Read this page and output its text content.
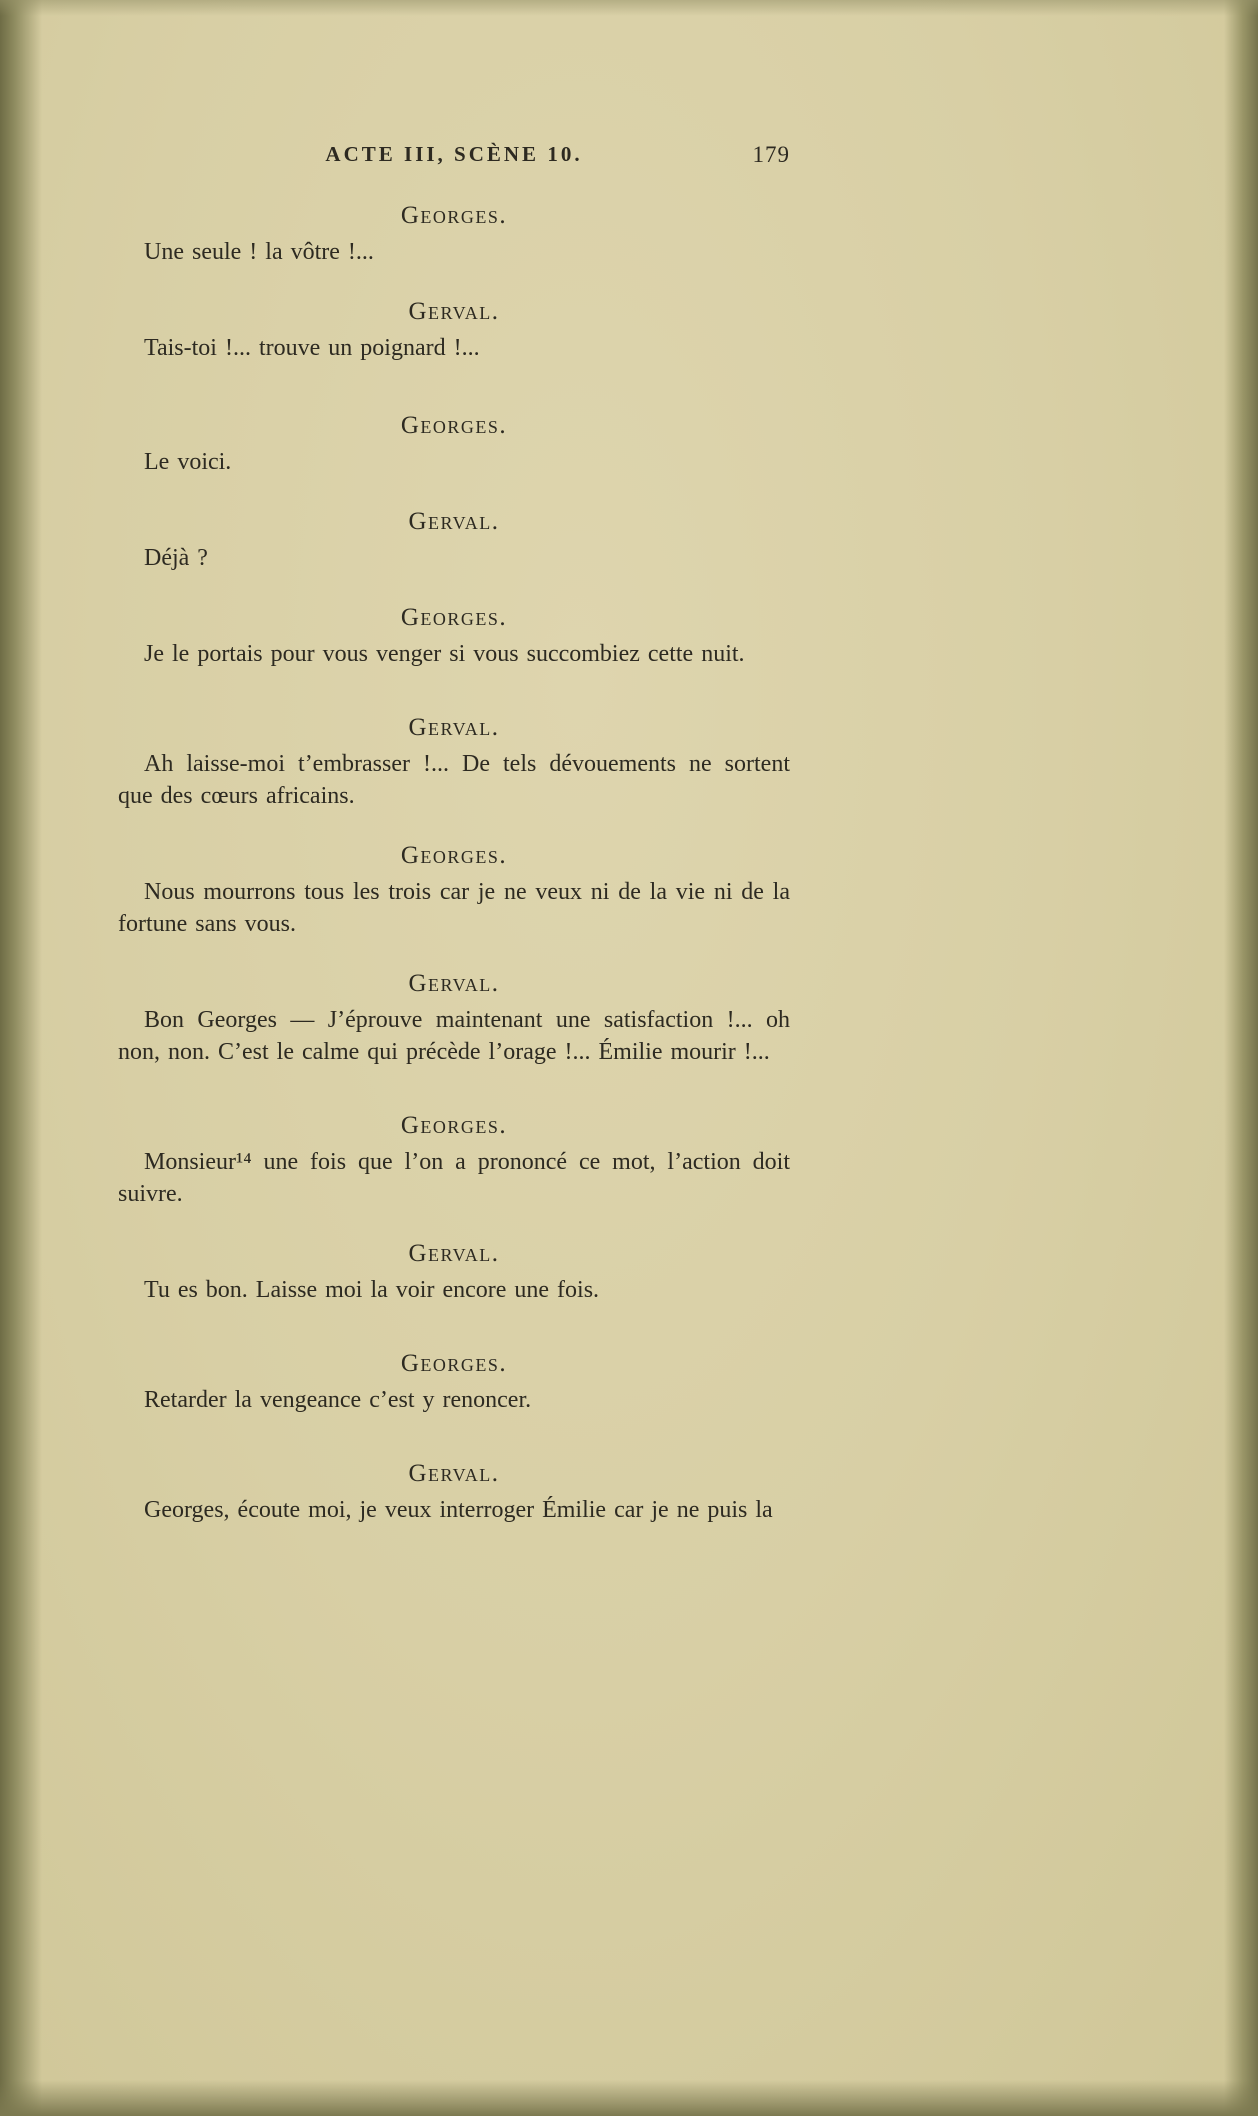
ACTE III, SCÈNE 10.	179
Georges.
Une seule ! la vôtre !...
Gerval.
Tais-toi !... trouve un poignard !...
Georges.
Le voici.
Gerval.
Déjà ?
Georges.
Je le portais pour vous venger si vous succombiez cette nuit.
Gerval.
Ah laisse-moi t’embrasser !... De tels dévouements ne sortent que des cœurs africains.
Georges.
Nous mourrons tous les trois car je ne veux ni de la vie ni de la fortune sans vous.
Gerval.
Bon Georges — J’éprouve maintenant une satisfaction !... oh non, non. C’est le calme qui précède l’orage !... Émilie mourir !...
Georges.
Monsieur¹⁴ une fois que l’on a prononcé ce mot, l’action doit suivre.
Gerval.
Tu es bon. Laisse moi la voir encore une fois.
Georges.
Retarder la vengeance c’est y renoncer.
Gerval.
Georges, écoute moi, je veux interroger Émilie car je ne puis la
